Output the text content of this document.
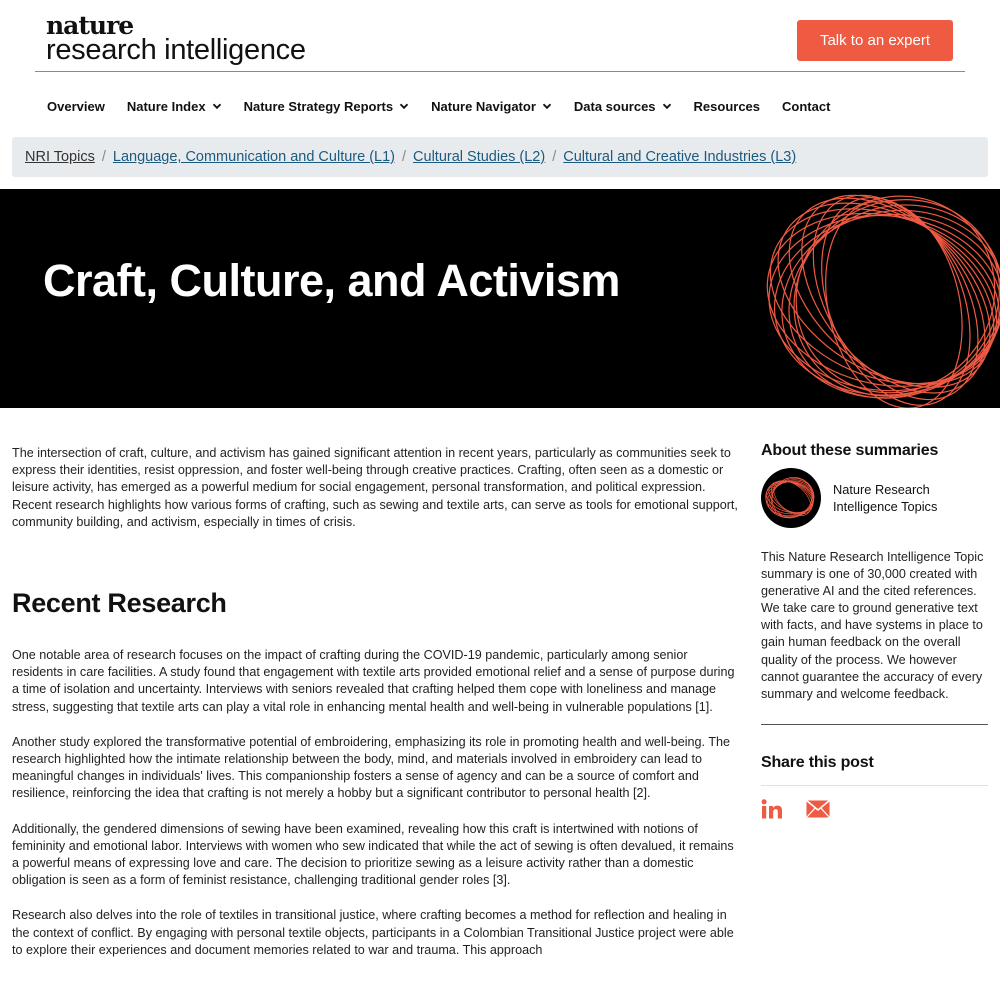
nature
research intelligence	Talk to an expert
Overview Nature Index	Nature Strategy Reports	Nature Navigator	Data sources	Resources Contact
NRI Topics / Language, Communication and Culture (L1) / Cultural Studies (L2) / Cultural and Creative Industries (L3)
Craft, Culture, and Activism

The intersection of craft, culture, and activism has gained significant attention in recent years, particularly as communities seek to express their identities, resist oppression, and foster well-being through creative practices. Crafting, often seen as a domestic or leisure activity, has emerged as a powerful medium for social engagement, personal transformation, and political expression. Recent research highlights how various forms of crafting, such as sewing and textile arts, can serve as tools for emotional support, community building, and activism, especially in times of crisis.

Recent Research

One notable area of research focuses on the impact of crafting during the COVID-19 pandemic, particularly among senior residents in care facilities. A study found that engagement with textile arts provided emotional relief and a sense of purpose during a time of isolation and uncertainty. Interviews with seniors revealed that crafting helped them cope with loneliness and manage stress, suggesting that textile arts can play a vital role in enhancing mental health and well-being in vulnerable populations [1].

Another study explored the transformative potential of embroidering, emphasizing its role in promoting health and well-being. The research highlighted how the intimate relationship between the body, mind, and materials involved in embroidery can lead to meaningful changes in individuals' lives. This companionship fosters a sense of agency and can be a source of comfort and resilience, reinforcing the idea that crafting is not merely a hobby but a significant contributor to personal health [2].

Additionally, the gendered dimensions of sewing have been examined, revealing how this craft is intertwined with notions of femininity and emotional labor. Interviews with women who sew indicated that while the act of sewing is often devalued, it remains a powerful means of expressing love and care. The decision to prioritize sewing as a leisure activity rather than a domestic obligation is seen as a form of feminist resistance, challenging traditional gender roles [3].

Research also delves into the role of textiles in transitional justice, where crafting becomes a method for reflection and healing in the context of conflict. By engaging with personal textile objects, participants in a Colombian Transitional Justice project were able to explore their experiences and document memories related to war and trauma. This approach

About these summaries
Nature Research Intelligence Topics
This Nature Research Intelligence Topic summary is one of 30,000 created with generative AI and the cited references. We take care to ground generative text with facts, and have systems in place to gain human feedback on the overall quality of the process. We however cannot guarantee the accuracy of every summary and welcome feedback.
Share this post
